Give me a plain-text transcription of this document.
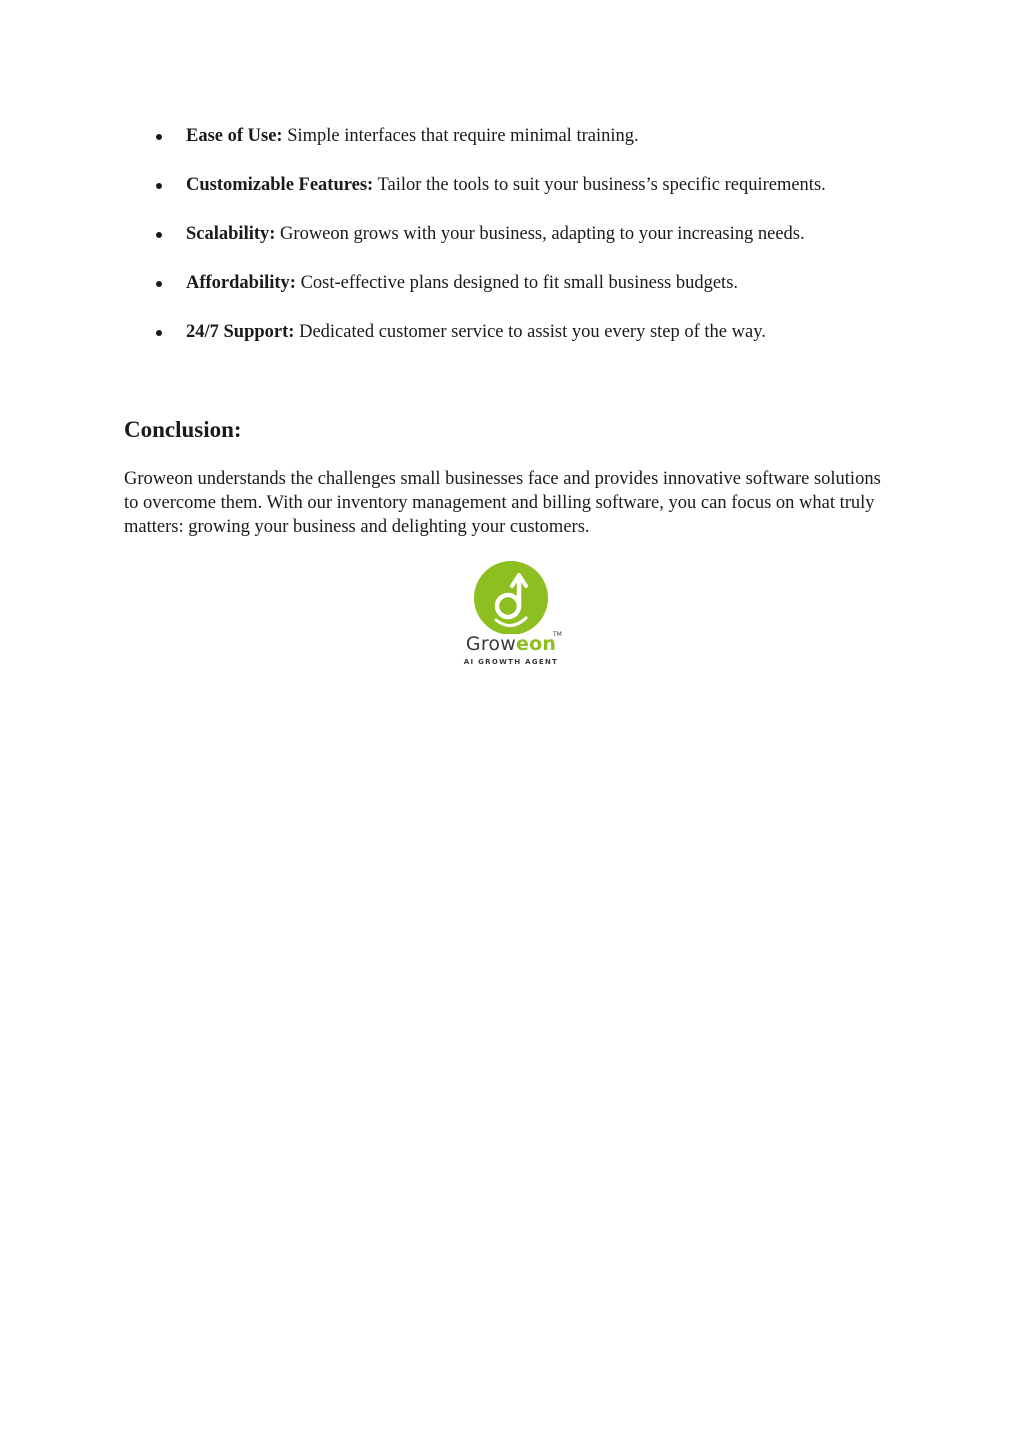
Ease of Use: Simple interfaces that require minimal training.
Customizable Features: Tailor the tools to suit your business’s specific requirements.
Scalability: Groweon grows with your business, adapting to your increasing needs.
Affordability: Cost-effective plans designed to fit small business budgets.
24/7 Support: Dedicated customer service to assist you every step of the way.
Conclusion:

Groweon understands the challenges small businesses face and provides innovative software solutions to overcome them. With our inventory management and billing software, you can focus on what truly matters: growing your business and delighting your customers.

Groweon
TM
AI GROWTH AGENT
